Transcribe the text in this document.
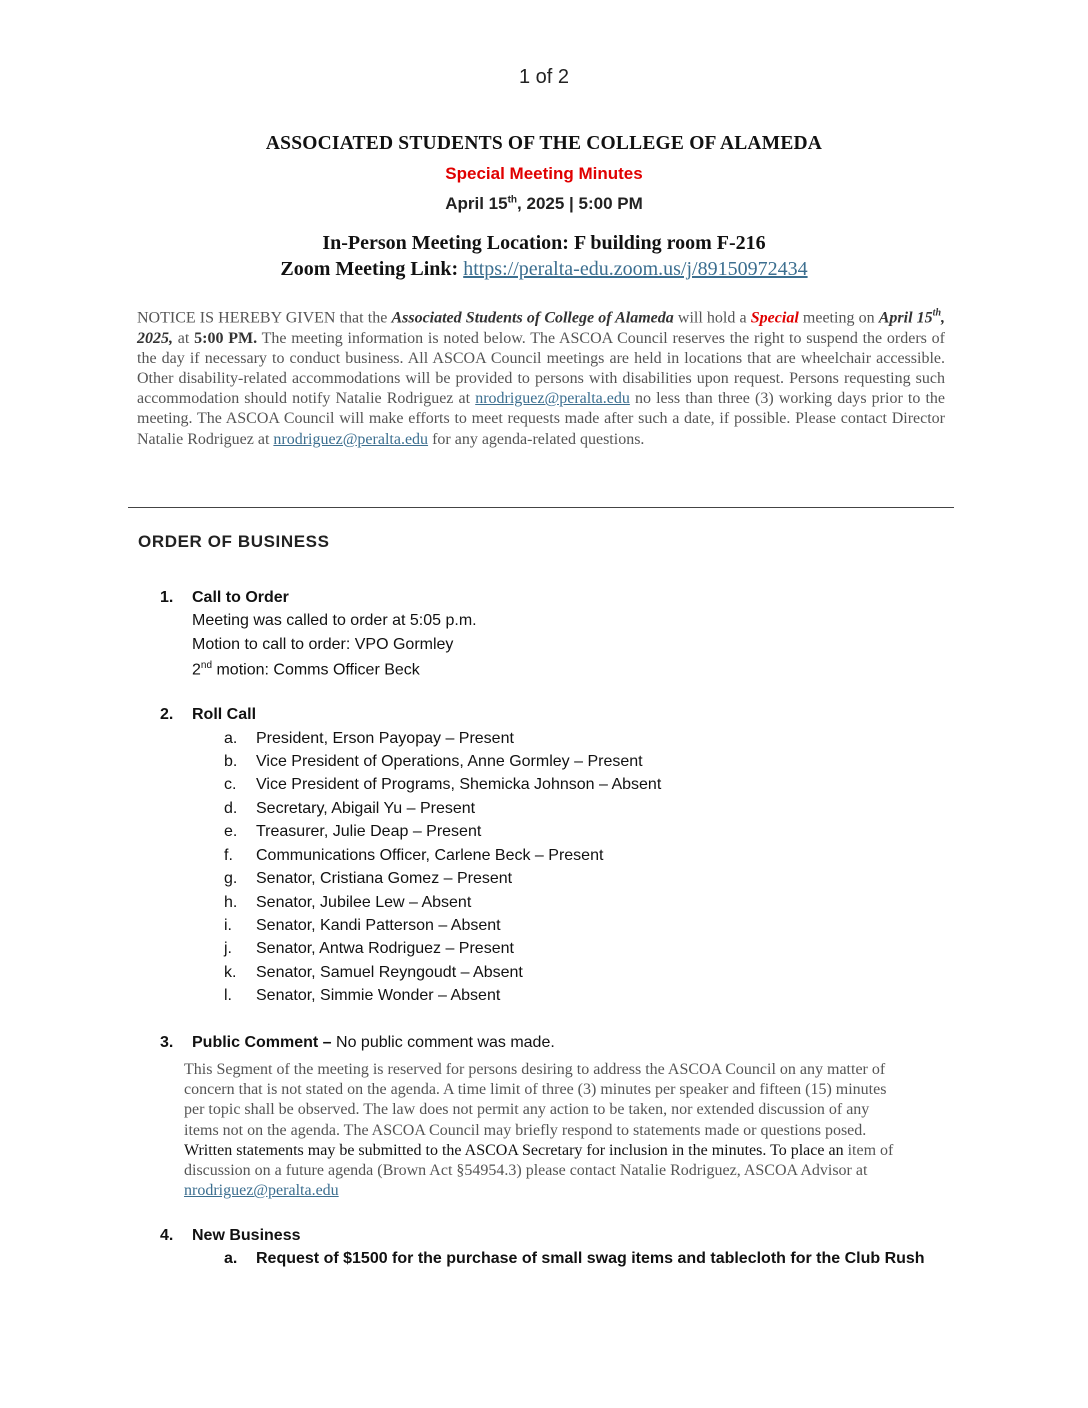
1 of 2
ASSOCIATED STUDENTS OF THE COLLEGE OF ALAMEDA
Special Meeting Minutes
April 15th, 2025 | 5:00 PM
In-Person Meeting Location: F building room F-216
Zoom Meeting Link: https://peralta-edu.zoom.us/j/89150972434
NOTICE IS HEREBY GIVEN that the Associated Students of College of Alameda will hold a Special meeting on April 15th, 2025, at 5:00 PM. The meeting information is noted below. The ASCOA Council reserves the right to suspend the orders of the day if necessary to conduct business. All ASCOA Council meetings are held in locations that are wheelchair accessible. Other disability-related accommodations will be provided to persons with disabilities upon request. Persons requesting such accommodation should notify Natalie Rodriguez at nrodriguez@peralta.edu no less than three (3) working days prior to the meeting. The ASCOA Council will make efforts to meet requests made after such a date, if possible. Please contact Director Natalie Rodriguez at nrodriguez@peralta.edu for any agenda-related questions.
ORDER OF BUSINESS
1.	Call to Order
Meeting was called to order at 5:05 p.m.
Motion to call to order: VPO Gormley
2nd motion: Comms Officer Beck
2.	Roll Call
a. President, Erson Payopay – Present
b. Vice President of Operations, Anne Gormley – Present
c. Vice President of Programs, Shemicka Johnson – Absent
d. Secretary, Abigail Yu – Present
e. Treasurer, Julie Deap – Present
f. Communications Officer, Carlene Beck – Present
g. Senator, Cristiana Gomez – Present
h. Senator, Jubilee Lew – Absent
i. Senator, Kandi Patterson – Absent
j. Senator, Antwa Rodriguez – Present
k. Senator, Samuel Reyngoudt – Absent
l. Senator, Simmie Wonder – Absent
3.	Public Comment – No public comment was made.
This Segment of the meeting is reserved for persons desiring to address the ASCOA Council on any matter of concern that is not stated on the agenda. A time limit of three (3) minutes per speaker and fifteen (15) minutes per topic shall be observed. The law does not permit any action to be taken, nor extended discussion of any items not on the agenda. The ASCOA Council may briefly respond to statements made or questions posed. Written statements may be submitted to the ASCOA Secretary for inclusion in the minutes. To place an item of discussion on a future agenda (Brown Act §54954.3) please contact Natalie Rodriguez, ASCOA Advisor at nrodriguez@peralta.edu
4.	New Business
a. Request of $1500 for the purchase of small swag items and tablecloth for the Club Rush
